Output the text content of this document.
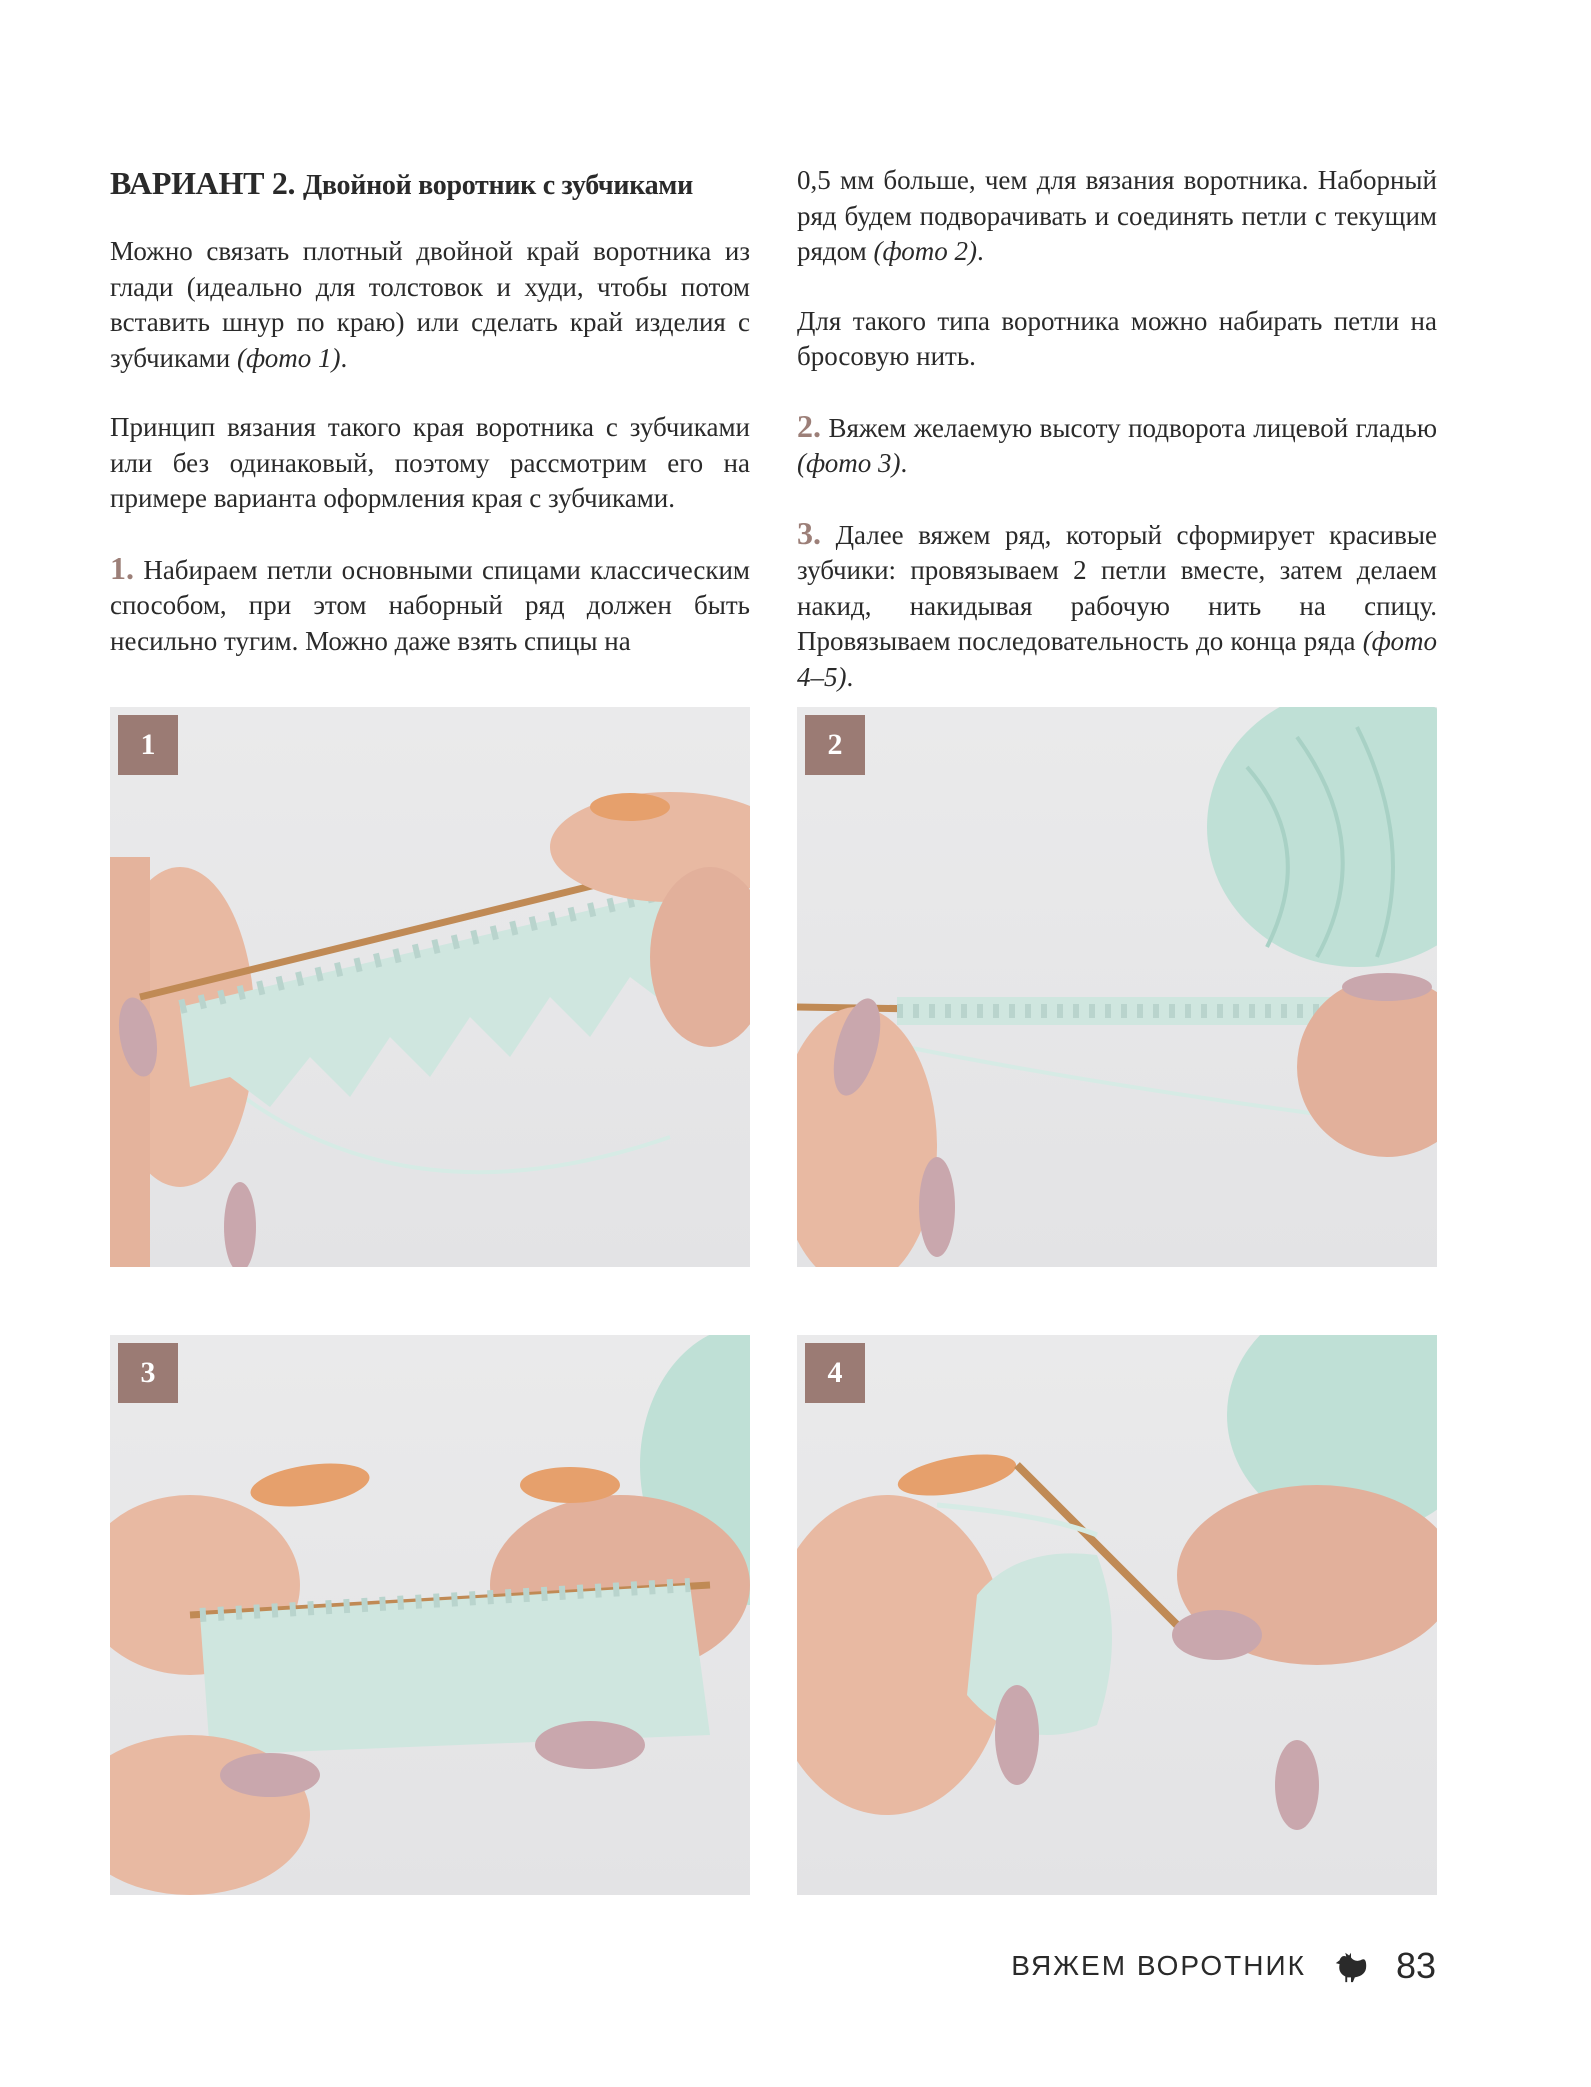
ВАРИАНТ 2. Двойной воротник с зубчиками

Можно связать плотный двойной край воротника из глади (идеально для толстовок и худи, чтобы потом вставить шнур по краю) или сделать край изделия с зубчиками (фото 1).

Принцип вязания такого края воротника с зубчиками или без одинаковый, поэтому рассмотрим его на примере варианта оформления края с зубчиками.

1. Набираем петли основными спицами классическим способом, при этом наборный ряд должен быть несильно тугим. Можно даже взять спицы на

0,5 мм больше, чем для вязания воротника. Наборный ряд будем подворачивать и соединять петли с текущим рядом (фото 2).

Для такого типа воротника можно набирать петли на бросовую нить.

2. Вяжем желаемую высоту подворота лицевой гладью (фото 3).

3. Далее вяжем ряд, который сформирует красивые зубчики: провязываем 2 петли вместе, затем делаем накид, накидывая рабочую нить на спицу. Провязываем последовательность до конца ряда (фото 4–5).

1	2
3	4
ВЯЖЕМ ВОРОТНИК	83
